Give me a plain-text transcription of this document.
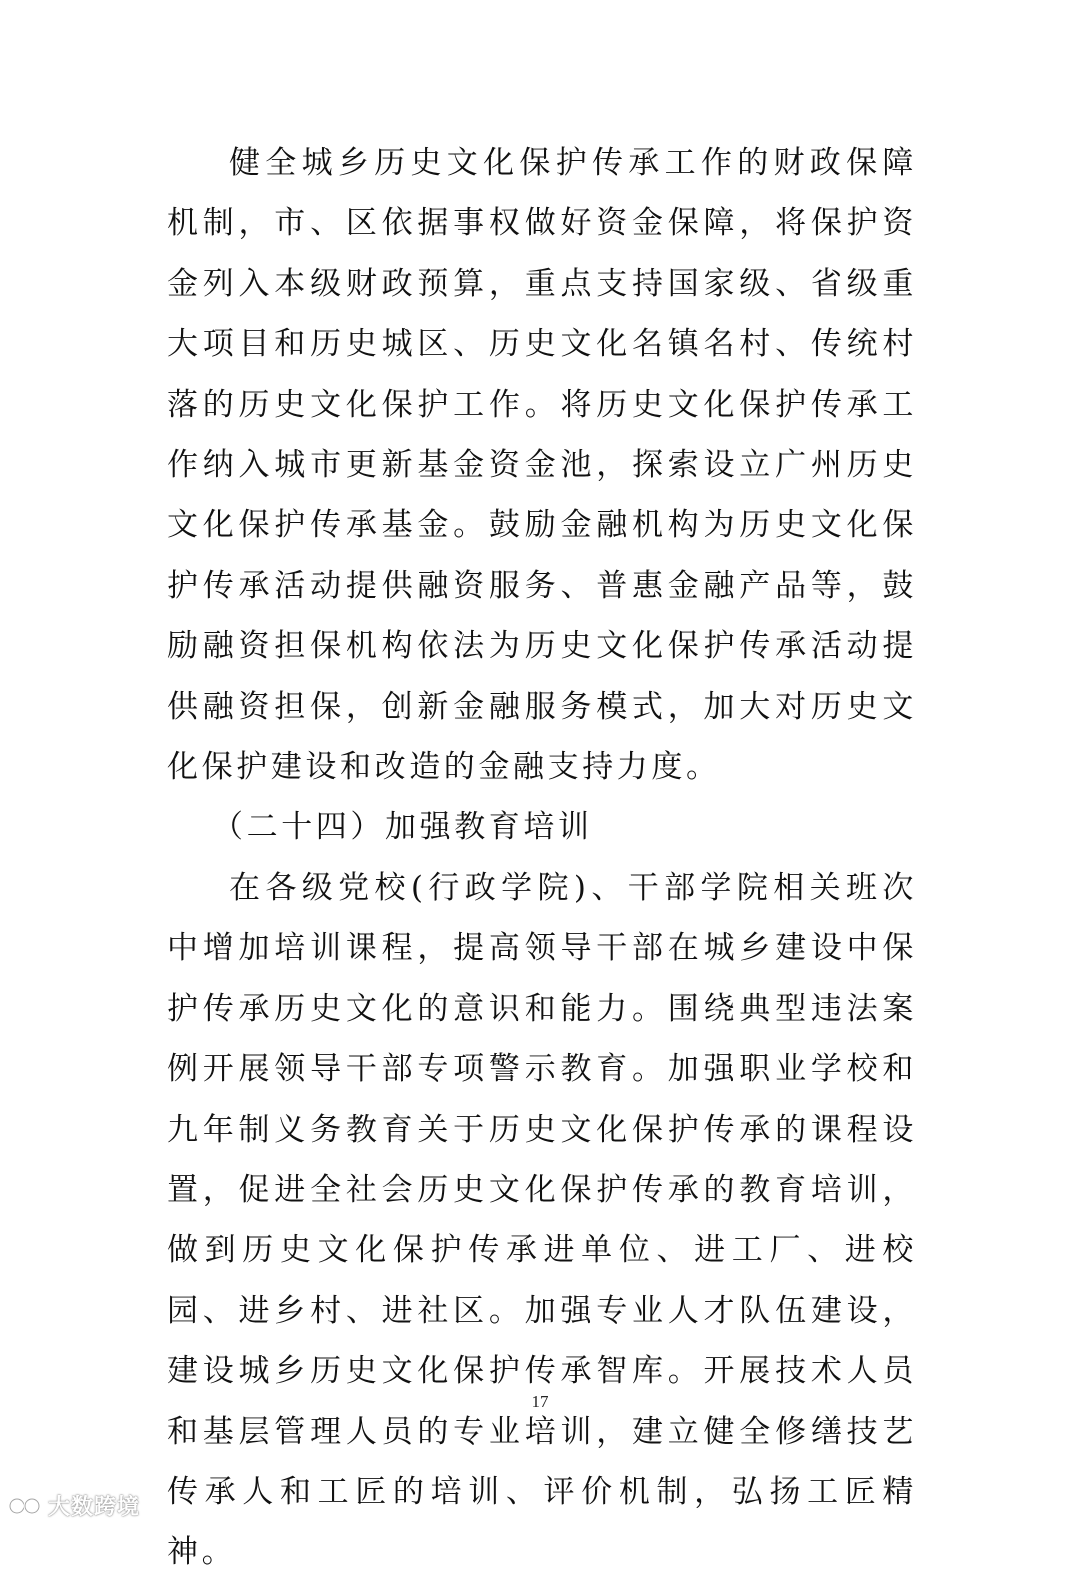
健全城乡历史文化保护传承工作的财政保障机制，市、区依据事权做好资金保障，将保护资金列入本级财政预算，重点支持国家级、省级重大项目和历史城区、历史文化名镇名村、传统村落的历史文化保护工作。将历史文化保护传承工作纳入城市更新基金资金池，探索设立广州历史文化保护传承基金。鼓励金融机构为历史文化保护传承活动提供融资服务、普惠金融产品等，鼓励融资担保机构依法为历史文化保护传承活动提供融资担保，创新金融服务模式，加大对历史文化保护建设和改造的金融支持力度。

（二十四）加强教育培训

在各级党校(行政学院)、干部学院相关班次中增加培训课程，提高领导干部在城乡建设中保护传承历史文化的意识和能力。围绕典型违法案例开展领导干部专项警示教育。加强职业学校和九年制义务教育关于历史文化保护传承的课程设置，促进全社会历史文化保护传承的教育培训，做到历史文化保护传承进单位、进工厂、进校园、进乡村、进社区。加强专业人才队伍建设，建设城乡历史文化保护传承智库。开展技术人员和基层管理人员的专业培训，建立健全修缮技艺传承人和工匠的培训、评价机制，弘扬工匠精神。

17
大数跨境
